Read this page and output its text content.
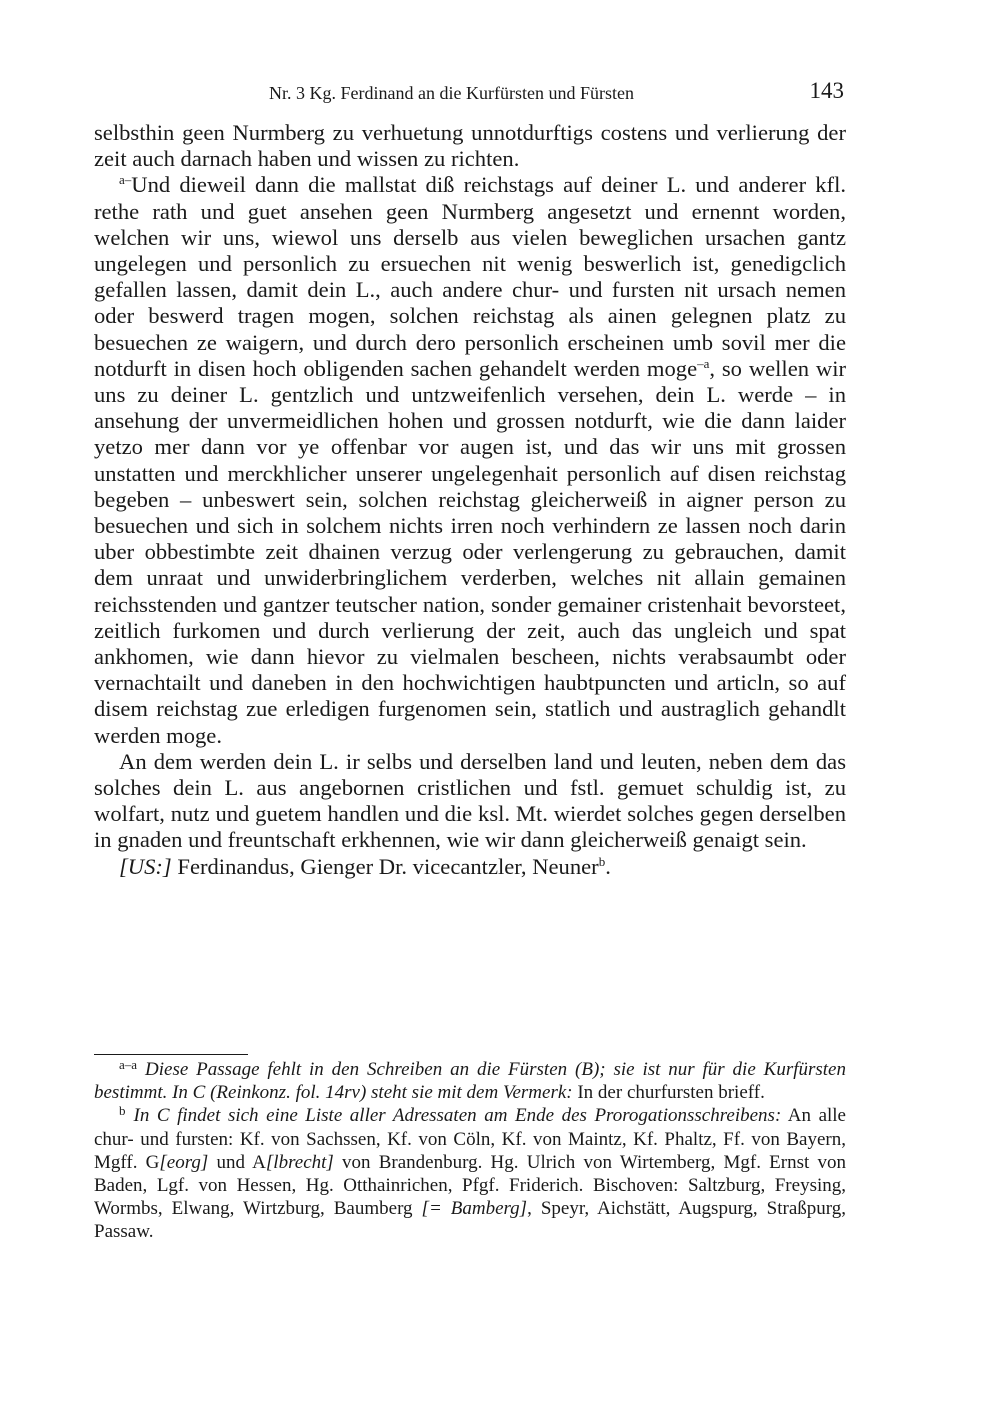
Nr. 3 Kg. Ferdinand an die Kurfürsten und Fürsten	143

selbsthin geen Nurmberg zu verhuetung unnotdurftigs costens und verlierung der zeit auch darnach haben und wissen zu richten.

$^{a-}$Und dieweil dann die mallstat diß reichstags auf deiner L. und anderer kfl. rethe rath und guet ansehen geen Nurmberg angesetzt und ernennt worden, welchen wir uns, wiewol uns derselb aus vielen beweglichen ursachen gantz ungelegen und personlich zu ersuechen nit wenig beswerlich ist, genedigclich gefallen lassen, damit dein L., auch andere chur- und fursten nit ursach nemen oder beswerd tragen mogen, solchen reichstag als ainen gelegnen platz zu besuechen ze waigern, und durch dero personlich erscheinen umb sovil mer die notdurft in disen hoch obligenden sachen gehandelt werden moge$^{-a}$, so wellen wir uns zu deiner L. gentzlich und untzweifenlich versehen, dein L. werde – in ansehung der unvermeidlichen hohen und grossen notdurft, wie die dann laider yetzo mer dann vor ye offenbar vor augen ist, und das wir uns mit grossen unstatten und merckhlicher unserer ungelegenhait personlich auf disen reichstag begeben – unbeswert sein, solchen reichstag gleicherweiß in aigner person zu besuechen und sich in solchem nichts irren noch verhindern ze lassen noch darin uber obbestimbte zeit dhainen verzug oder verlengerung zu gebrauchen, damit dem unraat und unwiderbringlichem verderben, welches nit allain gemainen reichsstenden und gantzer teutscher nation, sonder gemainer cristenhait bevorsteet, zeitlich furkomen und durch verlierung der zeit, auch das ungleich und spat ankhomen, wie dann hievor zu vielmalen bescheen, nichts verabsaumbt oder vernachtailt und daneben in den hochwichtigen haubtpuncten und articln, so auf disem reichstag zue erledigen furgenomen sein, statlich und austraglich gehandlt werden moge.

An dem werden dein L. ir selbs und derselben land und leuten, neben dem das solches dein L. aus angebornen cristlichen und fstl. gemuet schuldig ist, zu wolfart, nutz und guetem handlen und die ksl. Mt. wierdet solches gegen derselben in gnaden und freuntschaft erkhennen, wie wir dann gleicherweiß genaigt sein.

[US:] Ferdinandus, Gienger Dr. vicecantzler, Neuner$^b$.

$^{a-a}$ Diese Passage fehlt in den Schreiben an die Fürsten (B); sie ist nur für die Kurfürsten bestimmt. In C (Reinkonz. fol. 14rv) steht sie mit dem Vermerk: In der churfursten brieff.

$^b$ In C findet sich eine Liste aller Adressaten am Ende des Prorogationsschreibens: An alle chur- und fursten: Kf. von Sachssen, Kf. von Cöln, Kf. von Maintz, Kf. Phaltz, Ff. von Bayern, Mgff. G[eorg] und A[lbrecht] von Brandenburg. Hg. Ulrich von Wirtemberg, Mgf. Ernst von Baden, Lgf. von Hessen, Hg. Otthainrichen, Pfgf. Friderich. Bischoven: Saltzburg, Freysing, Wormbs, Elwang, Wirtzburg, Baumberg [= Bamberg], Speyr, Aichstätt, Augspurg, Straßpurg, Passaw.
